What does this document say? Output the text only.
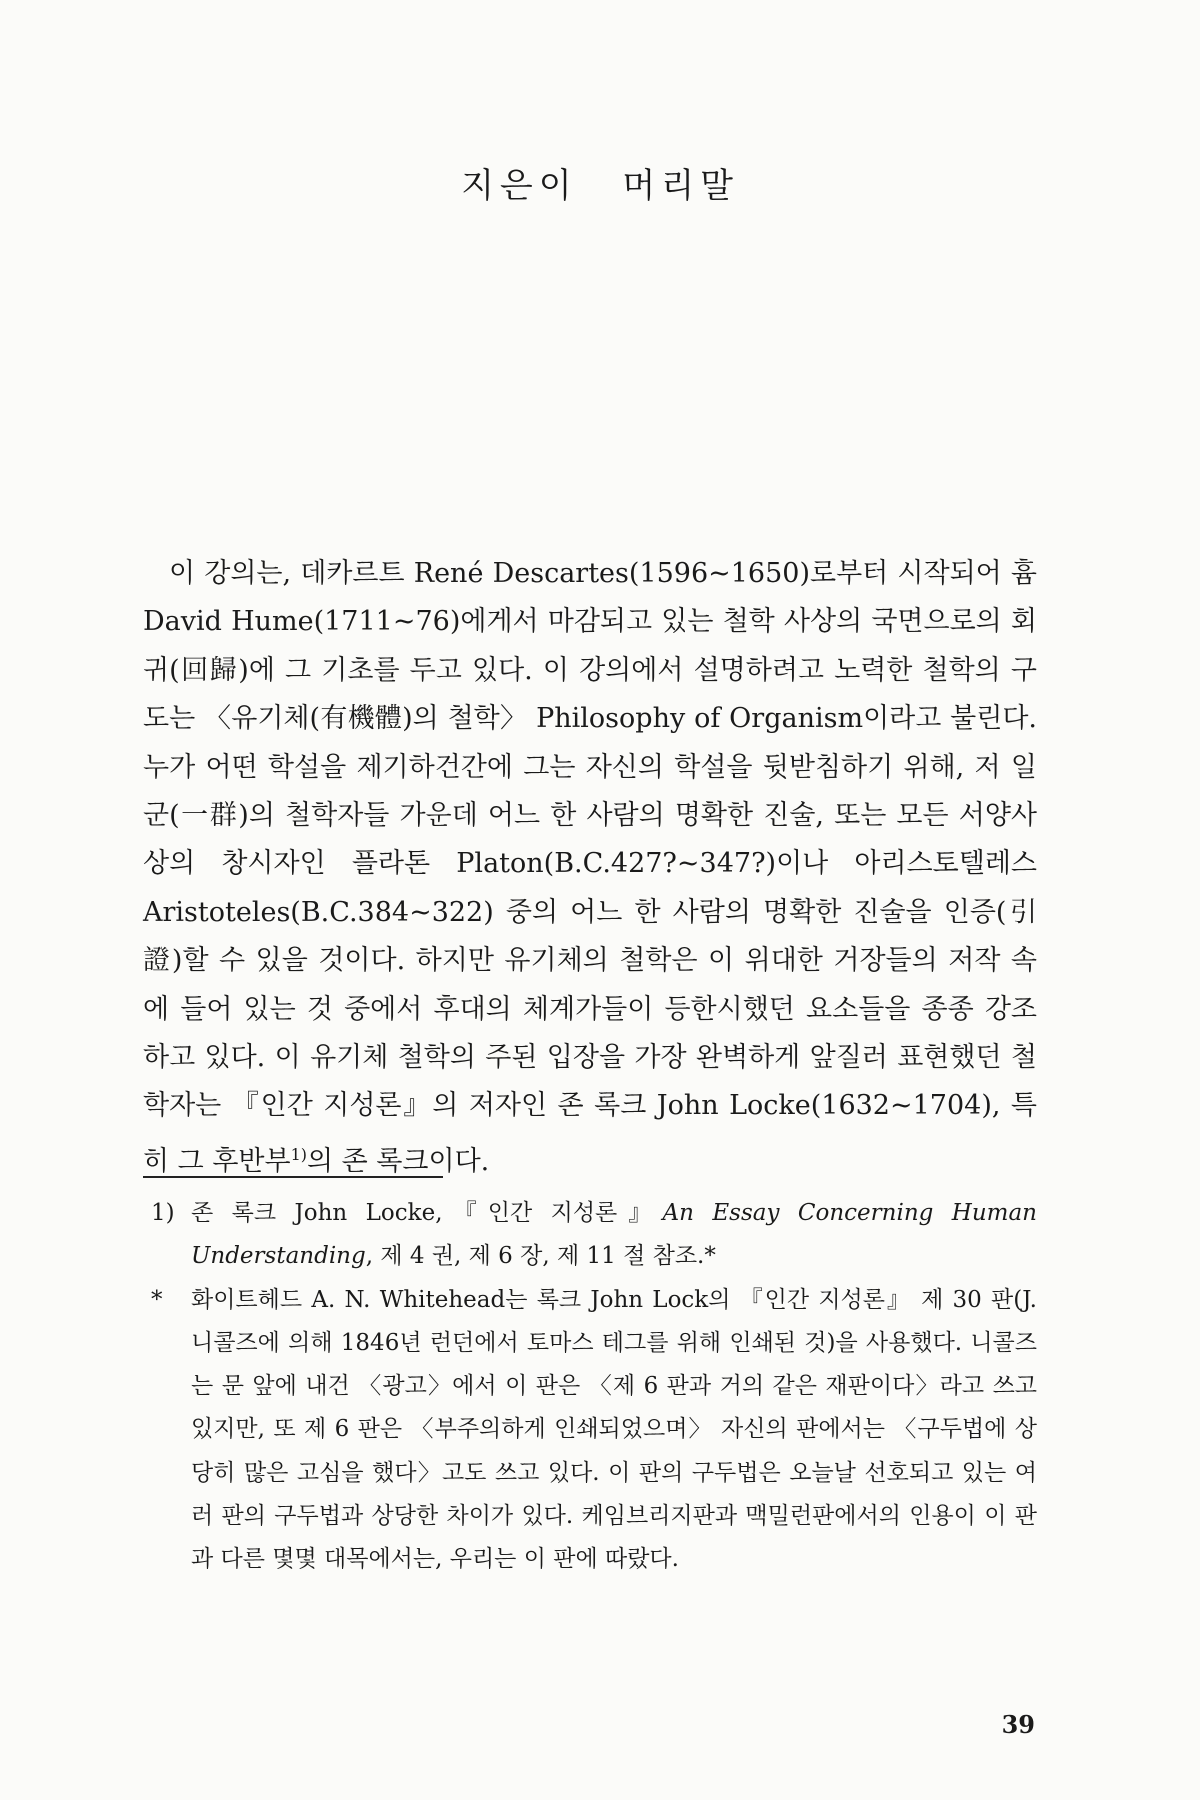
지은이 머리말

이 강의는, 데카르트 René Descartes(1596~1650)로부터 시작되어 흄 David Hume(1711~76)에게서 마감되고 있는 철학 사상의 국면으로의 회귀(回歸)에 그 기초를 두고 있다. 이 강의에서 설명하려고 노력한 철학의 구도는 〈유기체(有機體)의 철학〉 Philosophy of Organism이라고 불린다. 누가 어떤 학설을 제기하건간에 그는 자신의 학설을 뒷받침하기 위해, 저 일군(一群)의 철학자들 가운데 어느 한 사람의 명확한 진술, 또는 모든 서양사상의 창시자인 플라톤 Platon(B.C.427?~347?)이나 아리스토텔레스 Aristoteles(B.C.384~322) 중의 어느 한 사람의 명확한 진술을 인증(引證)할 수 있을 것이다. 하지만 유기체의 철학은 이 위대한 거장들의 저작 속에 들어 있는 것 중에서 후대의 체계가들이 등한시했던 요소들을 종종 강조하고 있다. 이 유기체 철학의 주된 입장을 가장 완벽하게 앞질러 표현했던 철학자는 『인간 지성론』의 저자인 존 록크 John Locke(1632~1704), 특히 그 후반부$^{1)}$의 존 록크이다.

1) 존 록크 John Locke,『인간 지성론』An Essay Concerning Human Understanding, 제 4 권, 제 6 장, 제 11 절 참조.*

* 화이트헤드 A. N. Whitehead는 록크 John Lock의 『인간 지성론』 제 30 판(J. 니콜즈에 의해 1846년 런던에서 토마스 테그를 위해 인쇄된 것)을 사용했다. 니콜즈는 문 앞에 내건 〈광고〉에서 이 판은 〈제 6 판과 거의 같은 재판이다〉라고 쓰고 있지만, 또 제 6 판은 〈부주의하게 인쇄되었으며〉 자신의 판에서는 〈구두법에 상당히 많은 고심을 했다〉고도 쓰고 있다. 이 판의 구두법은 오늘날 선호되고 있는 여러 판의 구두법과 상당한 차이가 있다. 케임브리지판과 맥밀런판에서의 인용이 이 판과 다른 몇몇 대목에서는, 우리는 이 판에 따랐다.

39
